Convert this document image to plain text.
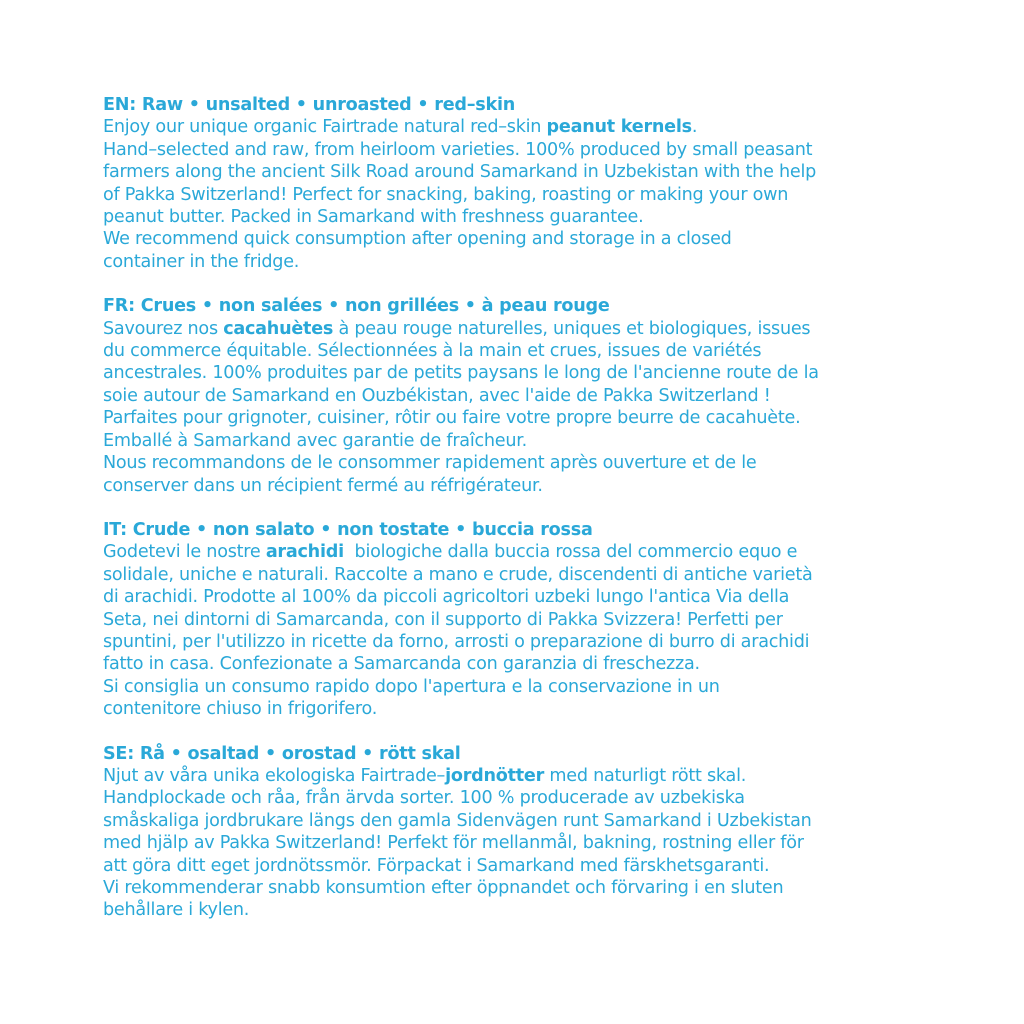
EN: Raw • unsalted • unroasted • red–skin
Enjoy our unique organic Fairtrade natural red–skin peanut kernels.
Hand–selected and raw, from heirloom varieties. 100% produced by small peasant
farmers along the ancient Silk Road around Samarkand in Uzbekistan with the help
of Pakka Switzerland! Perfect for snacking, baking, roasting or making your own
peanut butter. Packed in Samarkand with freshness guarantee.
We recommend quick consumption after opening and storage in a closed
container in the fridge.
FR: Crues • non salées • non grillées • à peau rouge
Savourez nos cacahuètes à peau rouge naturelles, uniques et biologiques, issues
du commerce équitable. Sélectionnées à la main et crues, issues de variétés
ancestrales. 100% produites par de petits paysans le long de l'ancienne route de la
soie autour de Samarkand en Ouzbékistan, avec l'aide de Pakka Switzerland !
Parfaites pour grignoter, cuisiner, rôtir ou faire votre propre beurre de cacahuète.
Emballé à Samarkand avec garantie de fraîcheur.
Nous recommandons de le consommer rapidement après ouverture et de le
conserver dans un récipient fermé au réfrigérateur.
IT: Crude • non salato • non tostate • buccia rossa
Godetevi le nostre arachidi  biologiche dalla buccia rossa del commercio equo e
solidale, uniche e naturali. Raccolte a mano e crude, discendenti di antiche varietà
di arachidi. Prodotte al 100% da piccoli agricoltori uzbeki lungo l'antica Via della
Seta, nei dintorni di Samarcanda, con il supporto di Pakka Svizzera! Perfetti per
spuntini, per l'utilizzo in ricette da forno, arrosti o preparazione di burro di arachidi
fatto in casa. Confezionate a Samarcanda con garanzia di freschezza.
Si consiglia un consumo rapido dopo l'apertura e la conservazione in un
contenitore chiuso in frigorifero.
SE: Rå • osaltad • orostad • rött skal
Njut av våra unika ekologiska Fairtrade–jordnötter med naturligt rött skal.
Handplockade och råa, från ärvda sorter. 100 % producerade av uzbekiska
småskaliga jordbrukare längs den gamla Sidenvägen runt Samarkand i Uzbekistan
med hjälp av Pakka Switzerland! Perfekt för mellanmål, bakning, rostning eller för
att göra ditt eget jordnötssmör. Förpackat i Samarkand med färskhetsgaranti.
Vi rekommenderar snabb konsumtion efter öppnandet och förvaring i en sluten
behållare i kylen.
